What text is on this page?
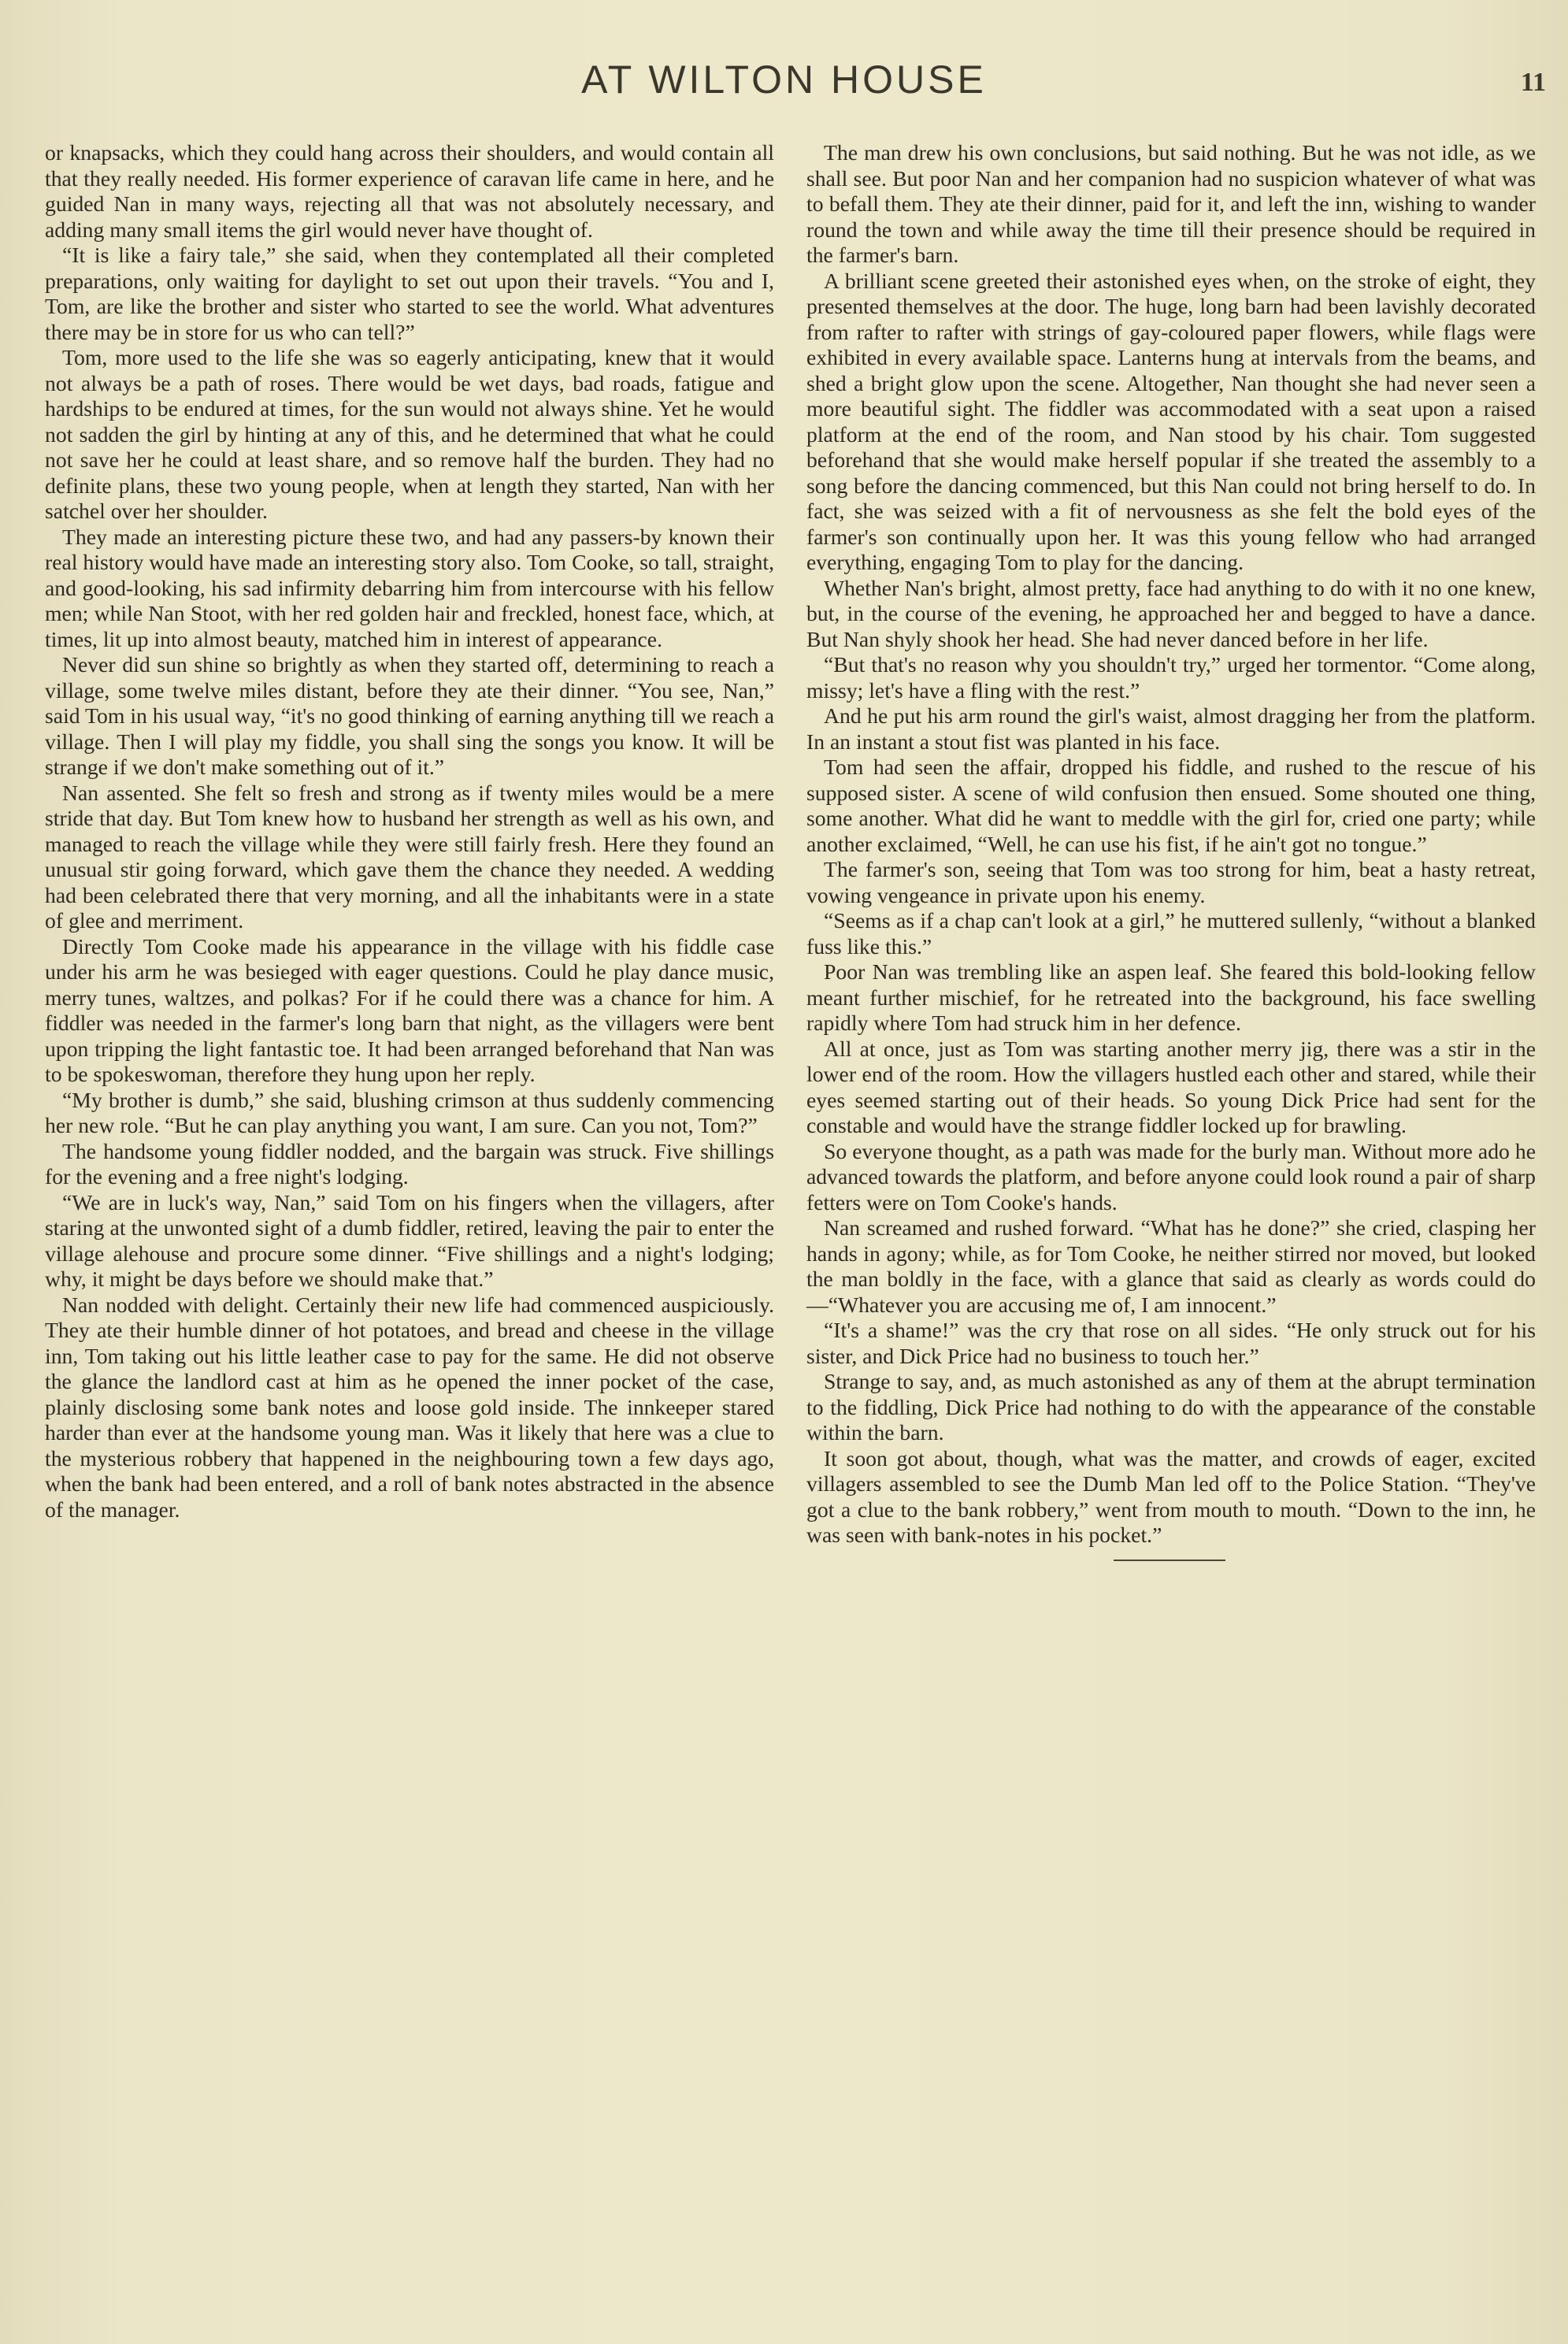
AT WILTON HOUSE	11

or knapsacks, which they could hang across their shoulders, and would contain all that they really needed. His former experience of caravan life came in here, and he guided Nan in many ways, rejecting all that was not absolutely necessary, and adding many small items the girl would never have thought of.

“It is like a fairy tale,” she said, when they contemplated all their completed preparations, only waiting for daylight to set out upon their travels. “You and I, Tom, are like the brother and sister who started to see the world. What adventures there may be in store for us who can tell?”

Tom, more used to the life she was so eagerly anticipating, knew that it would not always be a path of roses. There would be wet days, bad roads, fatigue and hardships to be endured at times, for the sun would not always shine. Yet he would not sadden the girl by hinting at any of this, and he determined that what he could not save her he could at least share, and so remove half the burden. They had no definite plans, these two young people, when at length they started, Nan with her satchel over her shoulder.

They made an interesting picture these two, and had any passers-by known their real history would have made an interesting story also. Tom Cooke, so tall, straight, and good-looking, his sad infirmity debarring him from intercourse with his fellow men; while Nan Stoot, with her red golden hair and freckled, honest face, which, at times, lit up into almost beauty, matched him in interest of appearance.

Never did sun shine so brightly as when they started off, determining to reach a village, some twelve miles distant, before they ate their dinner. “You see, Nan,” said Tom in his usual way, “it's no good thinking of earning anything till we reach a village. Then I will play my fiddle, you shall sing the songs you know. It will be strange if we don't make something out of it.”

Nan assented. She felt so fresh and strong as if twenty miles would be a mere stride that day. But Tom knew how to husband her strength as well as his own, and managed to reach the village while they were still fairly fresh. Here they found an unusual stir going forward, which gave them the chance they needed. A wedding had been celebrated there that very morning, and all the inhabitants were in a state of glee and merriment.

Directly Tom Cooke made his appearance in the village with his fiddle case under his arm he was besieged with eager questions. Could he play dance music, merry tunes, waltzes, and polkas? For if he could there was a chance for him. A fiddler was needed in the farmer's long barn that night, as the villagers were bent upon tripping the light fantastic toe. It had been arranged beforehand that Nan was to be spokeswoman, therefore they hung upon her reply.

“My brother is dumb,” she said, blushing crimson at thus suddenly commencing her new role. “But he can play anything you want, I am sure. Can you not, Tom?”

The handsome young fiddler nodded, and the bargain was struck. Five shillings for the evening and a free night's lodging.

“We are in luck's way, Nan,” said Tom on his fingers when the villagers, after staring at the unwonted sight of a dumb fiddler, retired, leaving the pair to enter the village alehouse and procure some dinner. “Five shillings and a night's lodging; why, it might be days before we should make that.”

Nan nodded with delight. Certainly their new life had commenced auspiciously. They ate their humble dinner of hot potatoes, and bread and cheese in the village inn, Tom taking out his little leather case to pay for the same. He did not observe the glance the landlord cast at him as he opened the inner pocket of the case, plainly disclosing some bank notes and loose gold inside. The innkeeper stared harder than ever at the handsome young man. Was it likely that here was a clue to the mysterious robbery that happened in the neighbouring town a few days ago, when the bank had been entered, and a roll of bank notes abstracted in the absence of the manager.

The man drew his own conclusions, but said nothing. But he was not idle, as we shall see. But poor Nan and her companion had no suspicion whatever of what was to befall them. They ate their dinner, paid for it, and left the inn, wishing to wander round the town and while away the time till their presence should be required in the farmer's barn.

A brilliant scene greeted their astonished eyes when, on the stroke of eight, they presented themselves at the door. The huge, long barn had been lavishly decorated from rafter to rafter with strings of gay-coloured paper flowers, while flags were exhibited in every available space. Lanterns hung at intervals from the beams, and shed a bright glow upon the scene. Altogether, Nan thought she had never seen a more beautiful sight. The fiddler was accommodated with a seat upon a raised platform at the end of the room, and Nan stood by his chair. Tom suggested beforehand that she would make herself popular if she treated the assembly to a song before the dancing commenced, but this Nan could not bring herself to do. In fact, she was seized with a fit of nervousness as she felt the bold eyes of the farmer's son continually upon her. It was this young fellow who had arranged everything, engaging Tom to play for the dancing.

Whether Nan's bright, almost pretty, face had anything to do with it no one knew, but, in the course of the evening, he approached her and begged to have a dance. But Nan shyly shook her head. She had never danced before in her life.

“But that's no reason why you shouldn't try,” urged her tormentor. “Come along, missy; let's have a fling with the rest.”

And he put his arm round the girl's waist, almost dragging her from the platform. In an instant a stout fist was planted in his face.

Tom had seen the affair, dropped his fiddle, and rushed to the rescue of his supposed sister. A scene of wild confusion then ensued. Some shouted one thing, some another. What did he want to meddle with the girl for, cried one party; while another exclaimed, “Well, he can use his fist, if he ain't got no tongue.”

The farmer's son, seeing that Tom was too strong for him, beat a hasty retreat, vowing vengeance in private upon his enemy.

“Seems as if a chap can't look at a girl,” he muttered sullenly, “without a blanked fuss like this.”

Poor Nan was trembling like an aspen leaf. She feared this bold-looking fellow meant further mischief, for he retreated into the background, his face swelling rapidly where Tom had struck him in her defence.

All at once, just as Tom was starting another merry jig, there was a stir in the lower end of the room. How the villagers hustled each other and stared, while their eyes seemed starting out of their heads. So young Dick Price had sent for the constable and would have the strange fiddler locked up for brawling.

So everyone thought, as a path was made for the burly man. Without more ado he advanced towards the platform, and before anyone could look round a pair of sharp fetters were on Tom Cooke's hands.

Nan screamed and rushed forward. “What has he done?” she cried, clasping her hands in agony; while, as for Tom Cooke, he neither stirred nor moved, but looked the man boldly in the face, with a glance that said as clearly as words could do—“Whatever you are accusing me of, I am innocent.”

“It's a shame!” was the cry that rose on all sides. “He only struck out for his sister, and Dick Price had no business to touch her.”

Strange to say, and, as much astonished as any of them at the abrupt termination to the fiddling, Dick Price had nothing to do with the appearance of the constable within the barn.

It soon got about, though, what was the matter, and crowds of eager, excited villagers assembled to see the Dumb Man led off to the Police Station. “They've got a clue to the bank robbery,” went from mouth to mouth. “Down to the inn, he was seen with bank-notes in his pocket.”
